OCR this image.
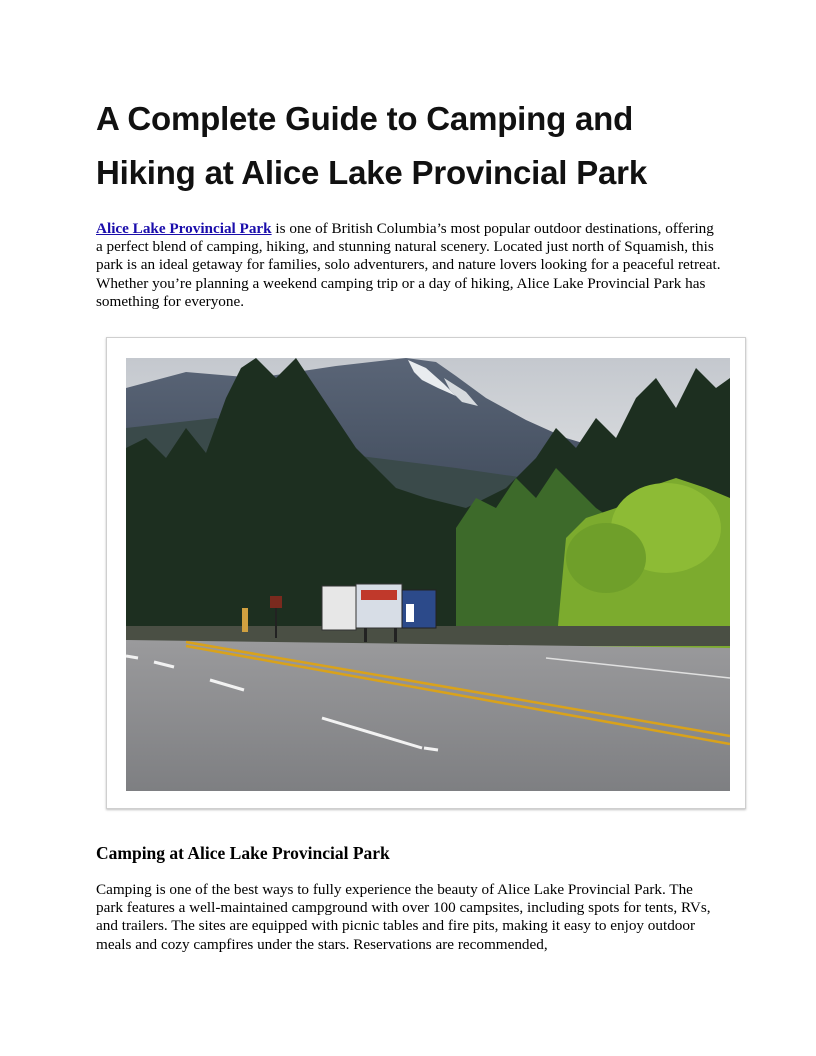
A Complete Guide to Camping and Hiking at Alice Lake Provincial Park

Alice Lake Provincial Park is one of British Columbia’s most popular outdoor destinations, offering a perfect blend of camping, hiking, and stunning natural scenery. Located just north of Squamish, this park is an ideal getaway for families, solo adventurers, and nature lovers looking for a peaceful retreat. Whether you’re planning a weekend camping trip or a day of hiking, Alice Lake Provincial Park has something for everyone.

Camping at Alice Lake Provincial Park

Camping is one of the best ways to fully experience the beauty of Alice Lake Provincial Park. The park features a well-maintained campground with over 100 campsites, including spots for tents, RVs, and trailers. The sites are equipped with picnic tables and fire pits, making it easy to enjoy outdoor meals and cozy campfires under the stars. Reservations are recommended,
